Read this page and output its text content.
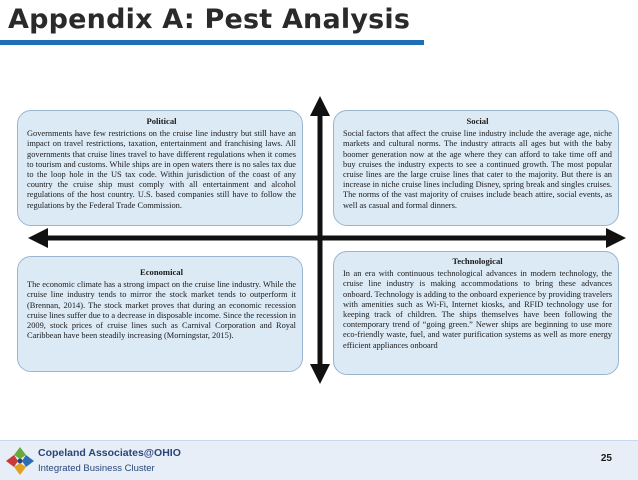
Appendix A: Pest Analysis
Political
Governments have few restrictions on the cruise line industry but still have an impact on travel restrictions, taxation, entertainment and franchising laws. All governments that cruise lines travel to have different regulations when it comes to tourism and customs. While ships are in open waters there is no sales tax due to the loop hole in the US tax code. Within jurisdiction of the coast of any country the cruise ship must comply with all entertainment and alcohol regulations of the host country. U.S. based companies still have to follow the regulations by the Federal Trade Commission.
Social
Social factors that affect the cruise line industry include the average age, niche markets and cultural norms. The industry attracts all ages but with the baby boomer generation now at the age where they can afford to take time off and buy cruises the industry expects to see a continued growth. The most popular cruise lines are the large cruise lines that cater to the majority. But there is an increase in niche cruise lines including Disney, spring break and singles cruises. The norms of the vast majority of cruises include beach attire, social events, as well as casual and formal dinners.
Economical
The economic climate has a strong impact on the cruise line industry. While the cruise line industry tends to mirror the stock market tends to outperform it (Brennan, 2014). The stock market proves that during an economic recession cruise lines suffer due to a decrease in disposable income. Since the recession in 2009, stock prices of cruise lines such as Carnival Corporation and Royal Caribbean have been steadily increasing (Morningstar, 2015).
Technological
In an era with continuous technological advances in modern technology, the cruise line industry is making accommodations to bring these advances onboard. Technology is adding to the onboard experience by providing travelers with amenities such as Wi-Fi, Internet kiosks, and RFID technology use for keeping track of children. The ships themselves have been following the contemporary trend of “going green.” Newer ships are beginning to use more eco-friendly waste, fuel, and water purification systems as well as more energy efficient appliances onboard
Copeland Associates@OHIO
Integrated Business Cluster
25
